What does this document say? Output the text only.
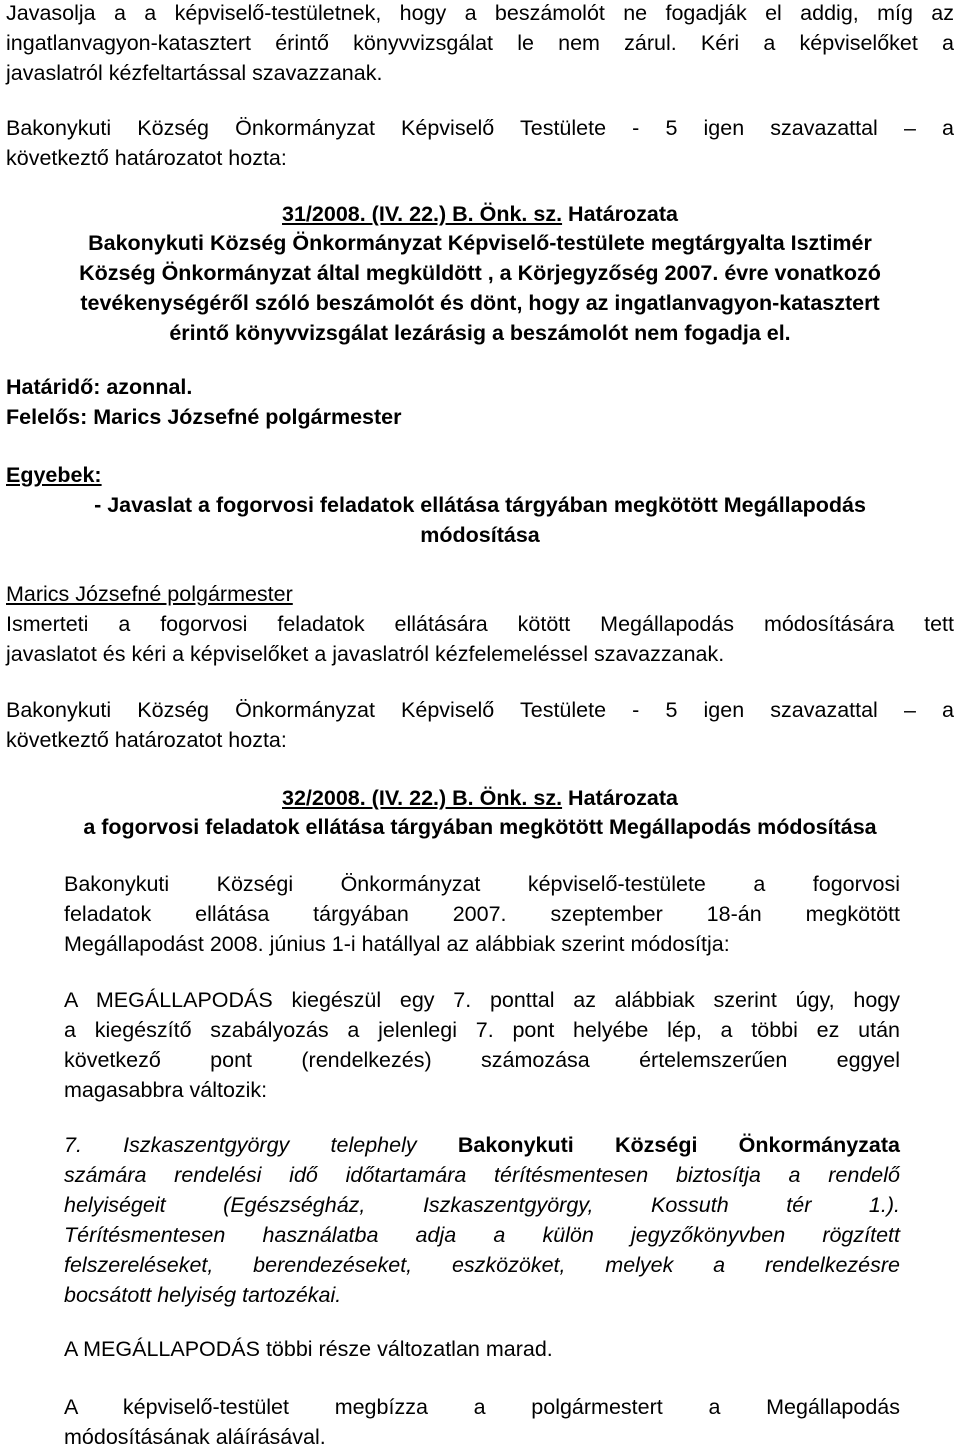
Javasolja a a képviselő-testületnek, hogy a beszámolót ne fogadják el addig, míg az
ingatlanvagyon-katasztert érintő könyvvizsgálat le nem zárul. Kéri a képviselőket a
javaslatról kézfeltartással szavazzanak.
Bakonykuti Község Önkormányzat Képviselő Testülete - 5 igen szavazattal – a
következtő határozatot hozta:
31/2008. (IV. 22.) B. Önk. sz. Határozata
Bakonykuti Község Önkormányzat Képviselő-testülete megtárgyalta Isztimér
Község Önkormányzat által megküldött , a Körjegyzőség 2007. évre vonatkozó
tevékenységéről szóló beszámolót és dönt, hogy az ingatlanvagyon-katasztert
érintő könyvvizsgálat lezárásig a beszámolót nem fogadja el.
Határidő: azonnal.
Felelős: Marics Józsefné polgármester
Egyebek:
- Javaslat a fogorvosi feladatok ellátása tárgyában megkötött Megállapodás
módosítása
Marics Józsefné polgármester
Ismerteti a fogorvosi feladatok ellátására kötött Megállapodás módosítására tett
javaslatot és kéri a képviselőket a javaslatról kézfelemeléssel szavazzanak.
Bakonykuti Község Önkormányzat Képviselő Testülete - 5 igen szavazattal – a
következtő határozatot hozta:
32/2008. (IV. 22.) B. Önk. sz. Határozata
a fogorvosi feladatok ellátása tárgyában megkötött Megállapodás módosítása
Bakonykuti Községi Önkormányzat képviselő-testülete a fogorvosi
feladatok ellátása tárgyában 2007. szeptember 18-án megkötött
Megállapodást 2008. június 1-i hatállyal az alábbiak szerint módosítja:
A MEGÁLLAPODÁS kiegészül egy 7. ponttal az alábbiak szerint úgy, hogy
a kiegészítő szabályozás a jelenlegi 7. pont helyébe lép, a többi ez után
következő pont (rendelkezés) számozása értelemszerűen eggyel
magasabbra változik:
7. Iszkaszentgyörgy telephely Bakonykuti Községi Önkormányzata
számára rendelési idő időtartamára térítésmentesen biztosítja a rendelő
helyiségeit (Egészségház, Iszkaszentgyörgy, Kossuth tér 1.).
Térítésmentesen használatba adja a külön jegyzőkönyvben rögzített
felszereléseket, berendezéseket, eszközöket, melyek a rendelkezésre
bocsátott helyiség tartozékai.
A MEGÁLLAPODÁS többi része változatlan marad.
A képviselő-testület megbízza a polgármestert a Megállapodás
módosításának aláírásával.
